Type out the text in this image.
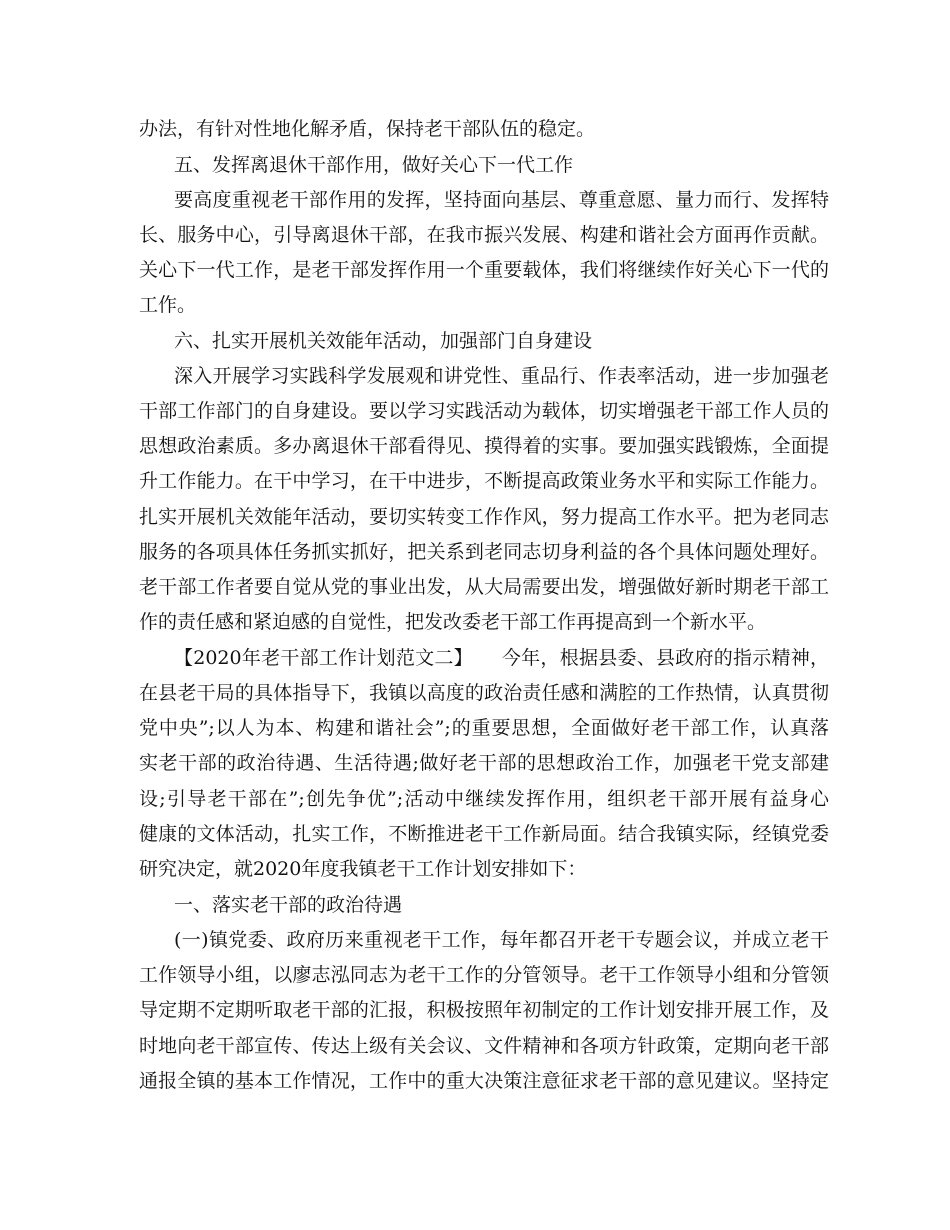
办法，有针对性地化解矛盾，保持老干部队伍的稳定。
五、发挥离退休干部作用，做好关心下一代工作
要高度重视老干部作用的发挥，坚持面向基层、尊重意愿、量力而行、发挥特
长、服务中心，引导离退休干部，在我市振兴发展、构建和谐社会方面再作贡献。
关心下一代工作，是老干部发挥作用一个重要载体，我们将继续作好关心下一代的
工作。
六、扎实开展机关效能年活动，加强部门自身建设
深入开展学习实践科学发展观和讲党性、重品行、作表率活动，进一步加强老
干部工作部门的自身建设。要以学习实践活动为载体，切实增强老干部工作人员的
思想政治素质。多办离退休干部看得见、摸得着的实事。要加强实践锻炼，全面提
升工作能力。在干中学习，在干中进步，不断提高政策业务水平和实际工作能力。
扎实开展机关效能年活动，要切实转变工作作风，努力提高工作水平。把为老同志
服务的各项具体任务抓实抓好，把关系到老同志切身利益的各个具体问题处理好。
老干部工作者要自觉从党的事业出发，从大局需要出发，增强做好新时期老干部工
作的责任感和紧迫感的自觉性，把发改委老干部工作再提高到一个新水平。
【2020年老干部工作计划范文二】　　今年，根据县委、县政府的指示精神，
在县老干局的具体指导下，我镇以高度的政治责任感和满腔的工作热情，认真贯彻
党中央”;以人为本、构建和谐社会”;的重要思想，全面做好老干部工作，认真落
实老干部的政治待遇、生活待遇;做好老干部的思想政治工作，加强老干党支部建
设;引导老干部在”;创先争优”;活动中继续发挥作用，组织老干部开展有益身心
健康的文体活动，扎实工作，不断推进老干工作新局面。结合我镇实际，经镇党委
研究决定，就2020年度我镇老干工作计划安排如下：
一、落实老干部的政治待遇
(一)镇党委、政府历来重视老干工作，每年都召开老干专题会议，并成立老干
工作领导小组，以廖志泓同志为老干工作的分管领导。老干工作领导小组和分管领
导定期不定期听取老干部的汇报，积极按照年初制定的工作计划安排开展工作，及
时地向老干部宣传、传达上级有关会议、文件精神和各项方针政策，定期向老干部
通报全镇的基本工作情况，工作中的重大决策注意征求老干部的意见建议。坚持定
